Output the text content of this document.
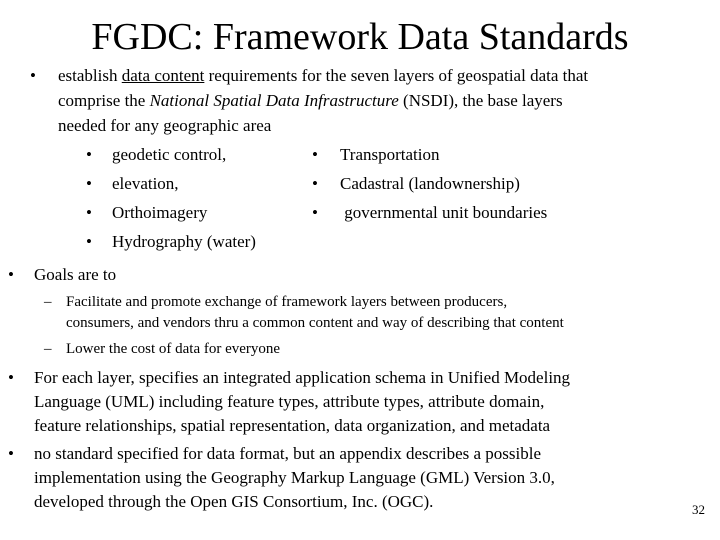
FGDC: Framework Data Standards
• establish data content requirements for the seven layers of geospatial data that
comprise the National Spatial Data Infrastructure (NSDI), the base layers
needed for any geographic area
• geodetic control,
• elevation,
• Orthoimagery
• Hydrography (water)
• Transportation
• Cadastral (landownership)
• governmental unit boundaries
• Goals are to
– Facilitate and promote exchange of framework layers between producers,
consumers, and vendors thru a common content and way of describing that content
– Lower the cost of data for everyone
• For each layer, specifies an integrated application schema in Unified Modeling
Language (UML) including feature types, attribute types, attribute domain,
feature relationships, spatial representation, data organization, and metadata
• no standard specified for data format, but an appendix describes a possible
implementation using the Geography Markup Language (GML) Version 3.0,
developed through the Open GIS Consortium, Inc. (OGC).	32
